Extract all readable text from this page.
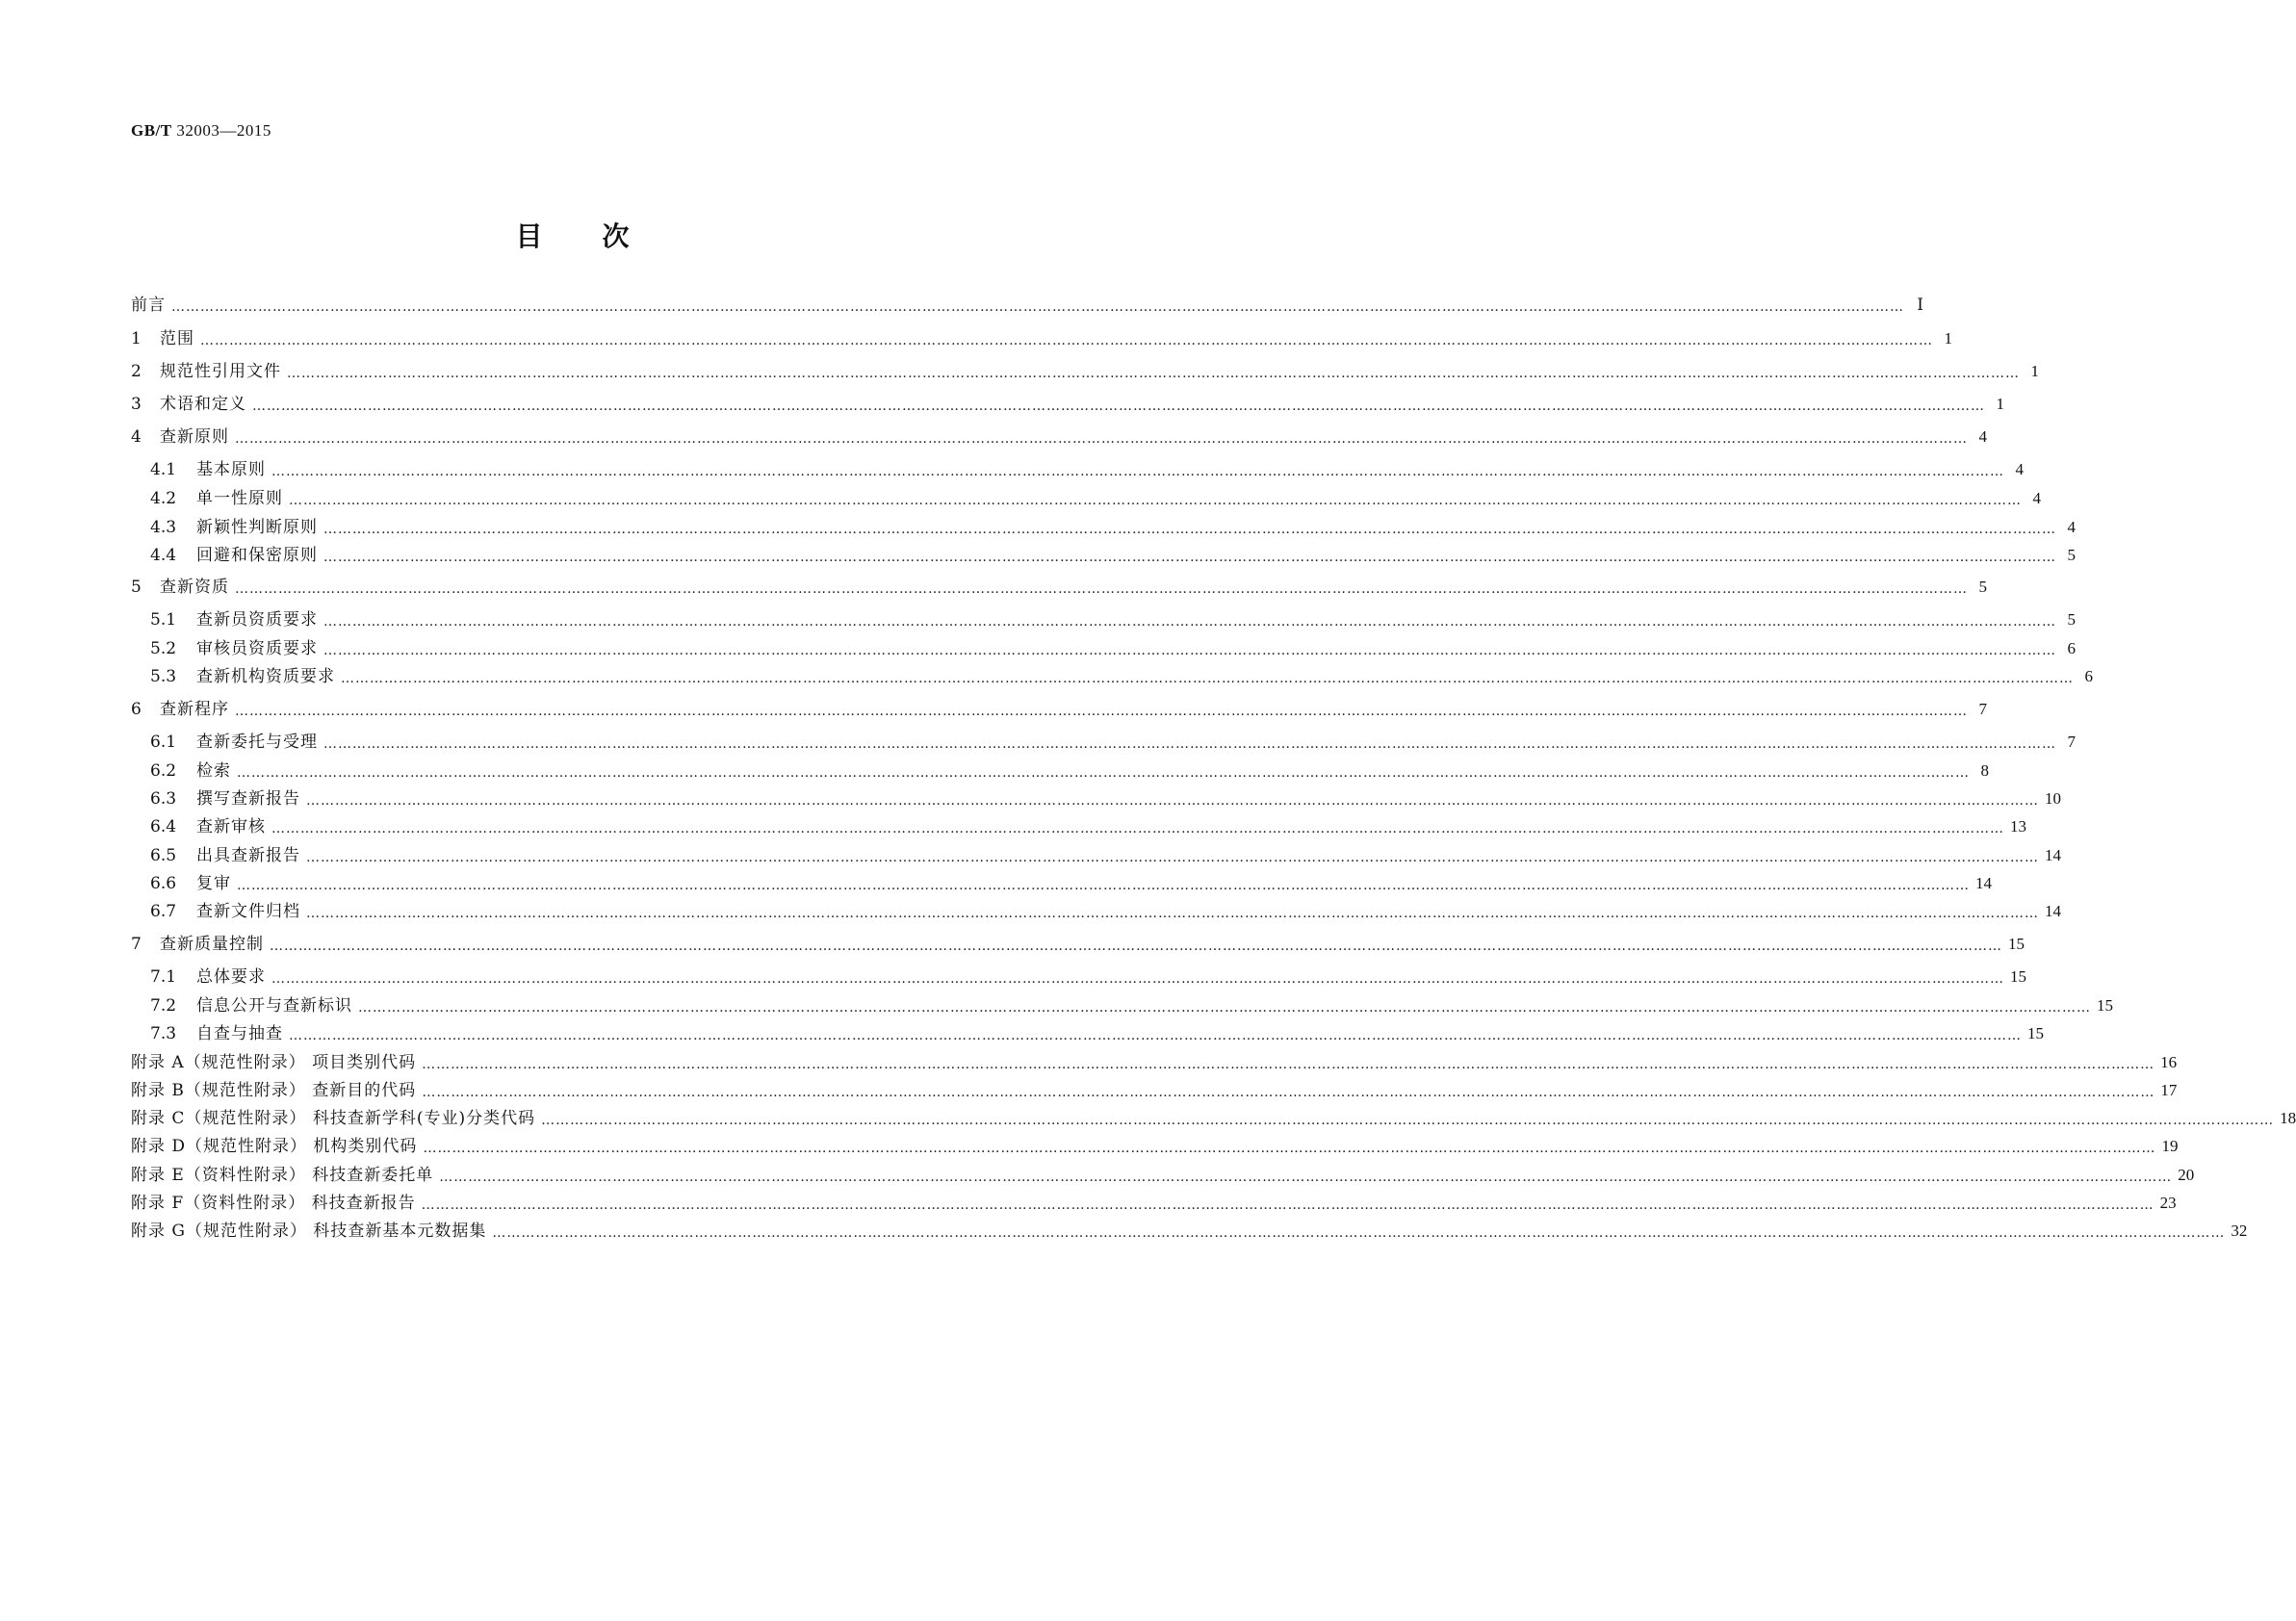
GB/T 32003—2015
目 次
前言 ……………………………………………………………………………………………………………………………………………………………………………………………………………………………………………………………………………………………………………………………… Ⅰ
1	范围 ……………………………………………………………………………………………………………………………………………………………………………………………………………………………………………………………………………………………………………………………… 1
2	规范性引用文件 ……………………………………………………………………………………………………………………………………………………………………………………………………………………………………………………………………………………………………………………………… 1
3	术语和定义 ……………………………………………………………………………………………………………………………………………………………………………………………………………………………………………………………………………………………………………………………… 1
4	查新原则 ……………………………………………………………………………………………………………………………………………………………………………………………………………………………………………………………………………………………………………………………… 4
4.1	基本原则 ……………………………………………………………………………………………………………………………………………………………………………………………………………………………………………………………………………………………………………………………… 4
4.2	单一性原则 ……………………………………………………………………………………………………………………………………………………………………………………………………………………………………………………………………………………………………………………………… 4
4.3	新颖性判断原则 ……………………………………………………………………………………………………………………………………………………………………………………………………………………………………………………………………………………………………………………………… 4
4.4	回避和保密原则 ……………………………………………………………………………………………………………………………………………………………………………………………………………………………………………………………………………………………………………………………… 5
5	查新资质 ……………………………………………………………………………………………………………………………………………………………………………………………………………………………………………………………………………………………………………………………… 5
5.1	查新员资质要求 ……………………………………………………………………………………………………………………………………………………………………………………………………………………………………………………………………………………………………………………………… 5
5.2	审核员资质要求 ……………………………………………………………………………………………………………………………………………………………………………………………………………………………………………………………………………………………………………………………… 6
5.3	查新机构资质要求 ……………………………………………………………………………………………………………………………………………………………………………………………………………………………………………………………………………………………………………………………… 6
6	查新程序 ……………………………………………………………………………………………………………………………………………………………………………………………………………………………………………………………………………………………………………………………… 7
6.1	查新委托与受理 ……………………………………………………………………………………………………………………………………………………………………………………………………………………………………………………………………………………………………………………………… 7
6.2	检索 ……………………………………………………………………………………………………………………………………………………………………………………………………………………………………………………………………………………………………………………………… 8
6.3	撰写查新报告 ……………………………………………………………………………………………………………………………………………………………………………………………………………………………………………………………………………………………………………………………… 10
6.4	查新审核 ……………………………………………………………………………………………………………………………………………………………………………………………………………………………………………………………………………………………………………………………… 13
6.5	出具查新报告 ……………………………………………………………………………………………………………………………………………………………………………………………………………………………………………………………………………………………………………………………… 14
6.6	复审 ……………………………………………………………………………………………………………………………………………………………………………………………………………………………………………………………………………………………………………………………… 14
6.7	查新文件归档 ……………………………………………………………………………………………………………………………………………………………………………………………………………………………………………………………………………………………………………………………… 14
7	查新质量控制 ……………………………………………………………………………………………………………………………………………………………………………………………………………………………………………………………………………………………………………………………… 15
7.1	总体要求 ……………………………………………………………………………………………………………………………………………………………………………………………………………………………………………………………………………………………………………………………… 15
7.2	信息公开与查新标识 ……………………………………………………………………………………………………………………………………………………………………………………………………………………………………………………………………………………………………………………………… 15
7.3	自查与抽查 ……………………………………………………………………………………………………………………………………………………………………………………………………………………………………………………………………………………………………………………………… 15
附录 A（规范性附录） 项目类别代码 ……………………………………………………………………………………………………………………………………………………………………………………………………………………………………………………………………………………………………………………………… 16
附录 B（规范性附录） 查新目的代码 ……………………………………………………………………………………………………………………………………………………………………………………………………………………………………………………………………………………………………………………………… 17
附录 C（规范性附录） 科技查新学科(专业)分类代码 ……………………………………………………………………………………………………………………………………………………………………………………………………………………………………………………………………………………………………………………………… 18
附录 D（规范性附录） 机构类别代码 ……………………………………………………………………………………………………………………………………………………………………………………………………………………………………………………………………………………………………………………………… 19
附录 E（资料性附录） 科技查新委托单 ……………………………………………………………………………………………………………………………………………………………………………………………………………………………………………………………………………………………………………………………… 20
附录 F（资料性附录） 科技查新报告 ……………………………………………………………………………………………………………………………………………………………………………………………………………………………………………………………………………………………………………………………… 23
附录 G（规范性附录） 科技查新基本元数据集 ……………………………………………………………………………………………………………………………………………………………………………………………………………………………………………………………………………………………………………………………… 32
